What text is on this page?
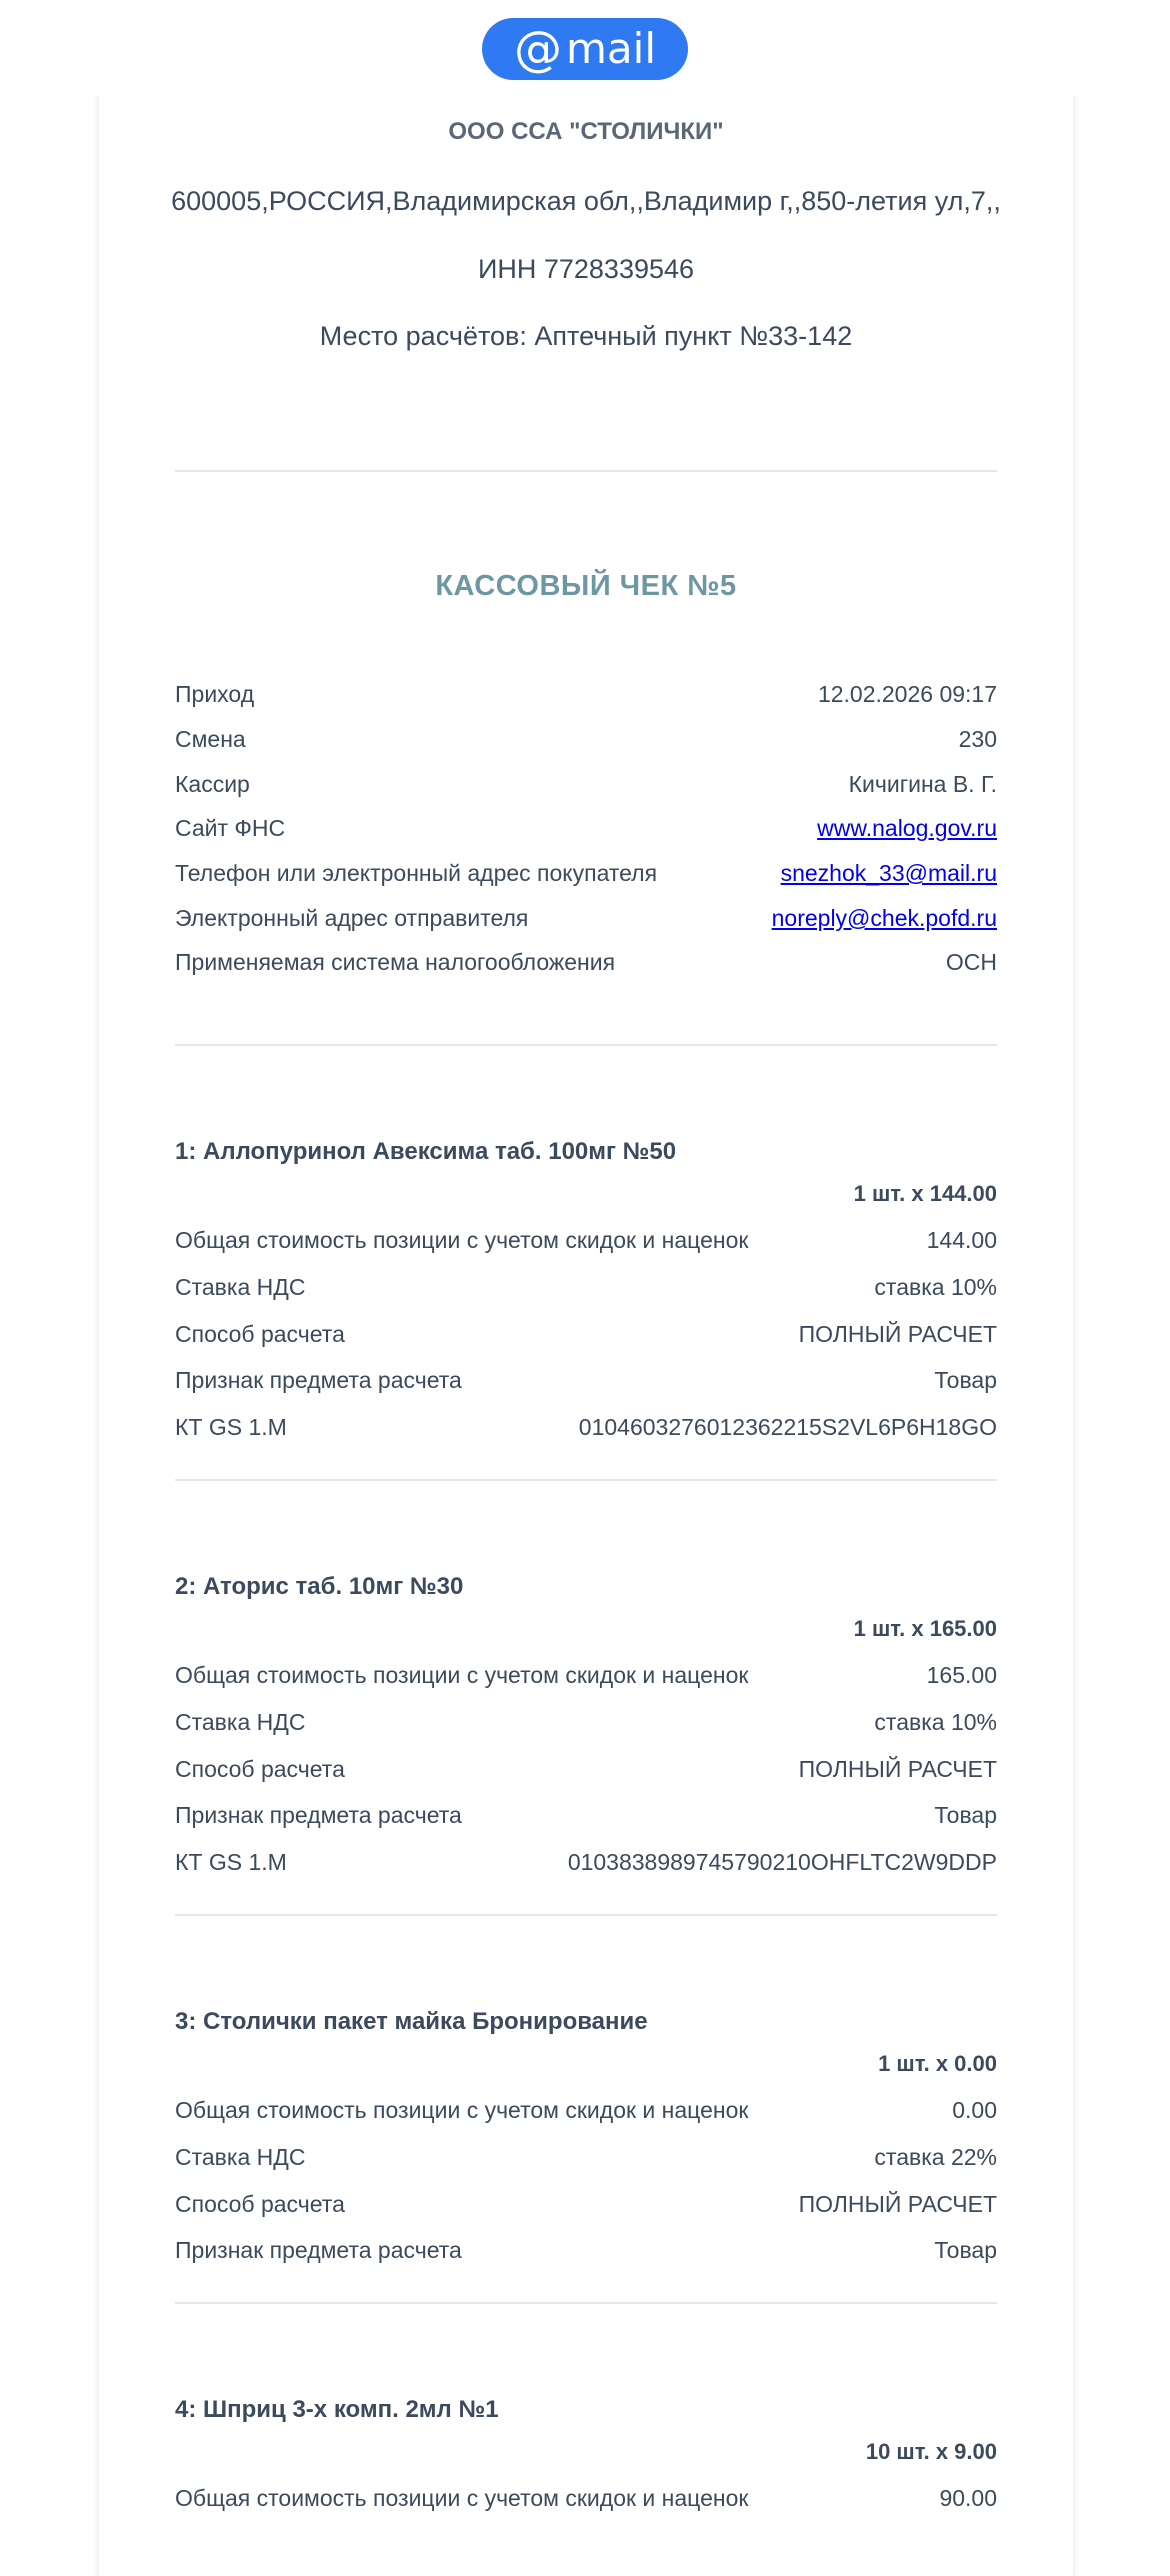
@ mail
ООО ССА "СТОЛИЧКИ"
600005,РОССИЯ,Владимирская обл,,Владимир г,,850-летия ул,7,,
ИНН 7728339546
Место расчётов: Аптечный пункт №33-142
КАССОВЫЙ ЧЕК №5
Приход	12.02.2026 09:17
Смена	230
Кассир	Кичигина В. Г.
Сайт ФНС	www.nalog.gov.ru
Телефон или электронный адрес покупателя	snezhok_33@mail.ru
Электронный адрес отправителя	noreply@chek.pofd.ru
Применяемая система налогообложения	ОСН
1: Аллопуринол Авексима таб. 100мг №50
1 шт. x 144.00
Общая стоимость позиции с учетом скидок и наценок	144.00
Ставка НДС	ставка 10%
Способ расчета	ПОЛНЫЙ РАСЧЕТ
Признак предмета расчета	Товар
КТ GS 1.M	0104603276012362215S2VL6P6H18GO
2: Аторис таб. 10мг №30
1 шт. x 165.00
Общая стоимость позиции с учетом скидок и наценок	165.00
Ставка НДС	ставка 10%
Способ расчета	ПОЛНЫЙ РАСЧЕТ
Признак предмета расчета	Товар
КТ GS 1.M	0103838989745790210OHFLTC2W9DDP
3: Столички пакет майка Бронирование
1 шт. x 0.00
Общая стоимость позиции с учетом скидок и наценок	0.00
Ставка НДС	ставка 22%
Способ расчета	ПОЛНЫЙ РАСЧЕТ
Признак предмета расчета	Товар
4: Шприц 3-х комп. 2мл №1
10 шт. x 9.00
Общая стоимость позиции с учетом скидок и наценок	90.00
